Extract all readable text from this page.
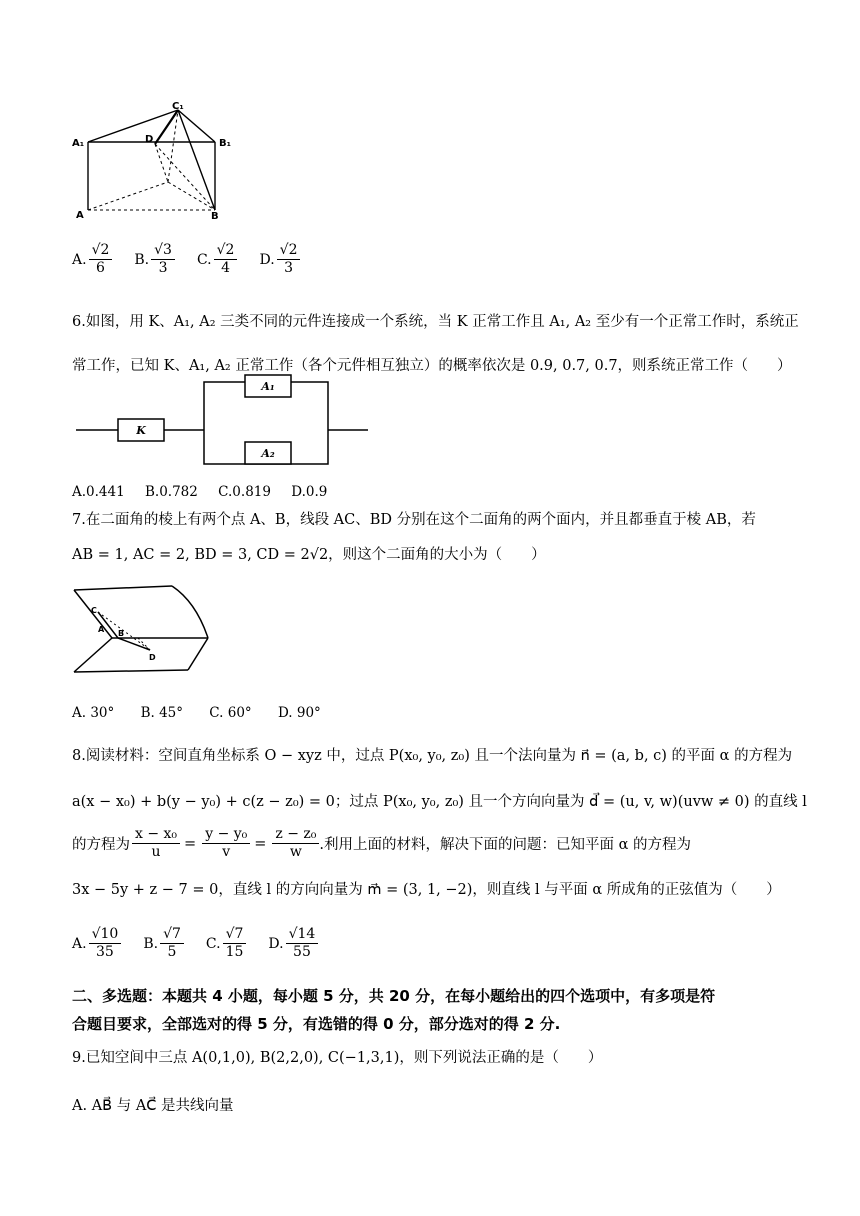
C₁
A₁	B₁
D
A	B
A. $\frac{√2}{6} B$. $\frac{√3}{3} C$. $\frac{√2}{4} D$. $\frac{√2}{3}$
6.如图，用 K、A₁, A₂ 三类不同的元件连接成一个系统，当 K 正常工作且 A₁, A₂ 至少有一个正常工作时，系统正
常工作，已知 K、A₁, A₂ 正常工作（各个元件相互独立）的概率依次是 0.9, 0.7, 0.7，则系统正常工作（　　）
K
A₁
A₂
A.0.441 B.0.782 C.0.819 D.0.9
7.在二面角的棱上有两个点 A、B，线段 AC、BD 分别在这个二面角的两个面内，并且都垂直于棱 AB，若
AB = 1, AC = 2, BD = 3, CD = 2√2，则这个二面角的大小为（　　）
C
A B
D
A. 30° B. 45° C. 60° D. 90°
8.阅读材料：空间直角坐标系 O − xyz 中，过点 P(x₀, y₀, z₀) 且一个法向量为 n⃗ = (a, b, c) 的平面 α 的方程为
a(x − x₀) + b(y − y₀) + c(z − z₀) = 0；过点 P(x₀, y₀, z₀) 且一个方向向量为 d⃗ = (u, v, w)(uvw ≠ 0) 的直线 l
的方程为 $\frac{\text{x − x₀}}{u} = \frac{\text{y − y₀}}{v} = \frac{\text{z − z₀}}{w}$ .利用上面的材料，解决下面的问题：已知平面 α 的方程为
3x − 5y + z − 7 = 0，直线 l 的方向向量为 m⃗ = (3, 1, −2)，则直线 l 与平面 α 所成角的正弦值为（　　）
A. $\frac{√10}{35} B$. $\frac{√7}{5} C$. $\frac{√7}{15} D$. $\frac{√14}{55}$
二、多选题：本题共 4 小题，每小题 5 分，共 20 分，在每小题给出的四个选项中，有多项是符
合题目要求，全部选对的得 5 分，有选错的得 0 分，部分选对的得 2 分.
9.已知空间中三点 A(0,1,0), B(2,2,0), C(−1,3,1)，则下列说法正确的是（　　）
A. AB⃗ 与 AC⃗ 是共线向量
